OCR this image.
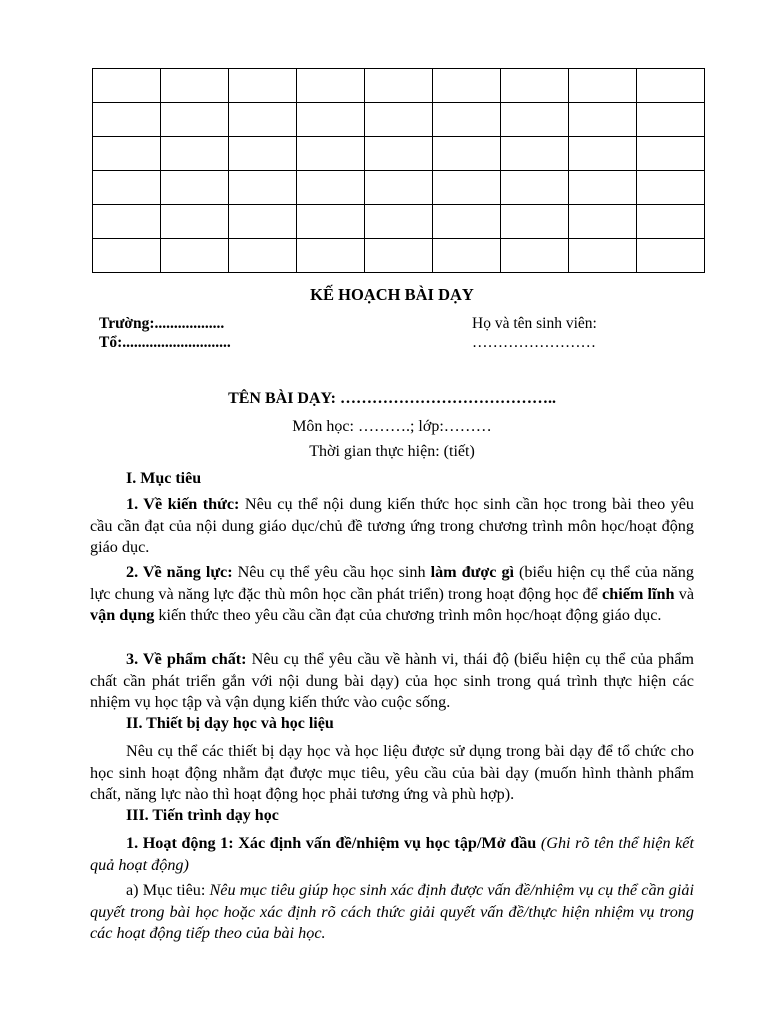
KẾ HOẠCH BÀI DẠY
Trường:..................
Tổ:............................
Họ và tên sinh viên:
……………………
TÊN BÀI DẠY: …………………………………..
Môn học: ……….; lớp:………
Thời gian thực hiện: (tiết)
I. Mục tiêu
1. Về kiến thức: Nêu cụ thể nội dung kiến thức học sinh cần học trong bài theo yêu cầu cần đạt của nội dung giáo dục/chủ đề tương ứng trong chương trình môn học/hoạt động giáo dục.
2. Về năng lực: Nêu cụ thể yêu cầu học sinh làm được gì (biểu hiện cụ thể của năng lực chung và năng lực đặc thù môn học cần phát triển) trong hoạt động học để chiếm lĩnh và vận dụng kiến thức theo yêu cầu cần đạt của chương trình môn học/hoạt động giáo dục.
3. Về phẩm chất: Nêu cụ thể yêu cầu về hành vi, thái độ (biểu hiện cụ thể của phẩm chất cần phát triển gắn với nội dung bài dạy) của học sinh trong quá trình thực hiện các nhiệm vụ học tập và vận dụng kiến thức vào cuộc sống.
II. Thiết bị dạy học và học liệu
Nêu cụ thể các thiết bị dạy học và học liệu được sử dụng trong bài dạy để tổ chức cho học sinh hoạt động nhằm đạt được mục tiêu, yêu cầu của bài dạy (muốn hình thành phẩm chất, năng lực nào thì hoạt động học phải tương ứng và phù hợp).
III. Tiến trình dạy học
1. Hoạt động 1: Xác định vấn đề/nhiệm vụ học tập/Mở đầu (Ghi rõ tên thể hiện kết quả hoạt động)
a) Mục tiêu: Nêu mục tiêu giúp học sinh xác định được vấn đề/nhiệm vụ cụ thể cần giải quyết trong bài học hoặc xác định rõ cách thức giải quyết vấn đề/thực hiện nhiệm vụ trong các hoạt động tiếp theo của bài học.
